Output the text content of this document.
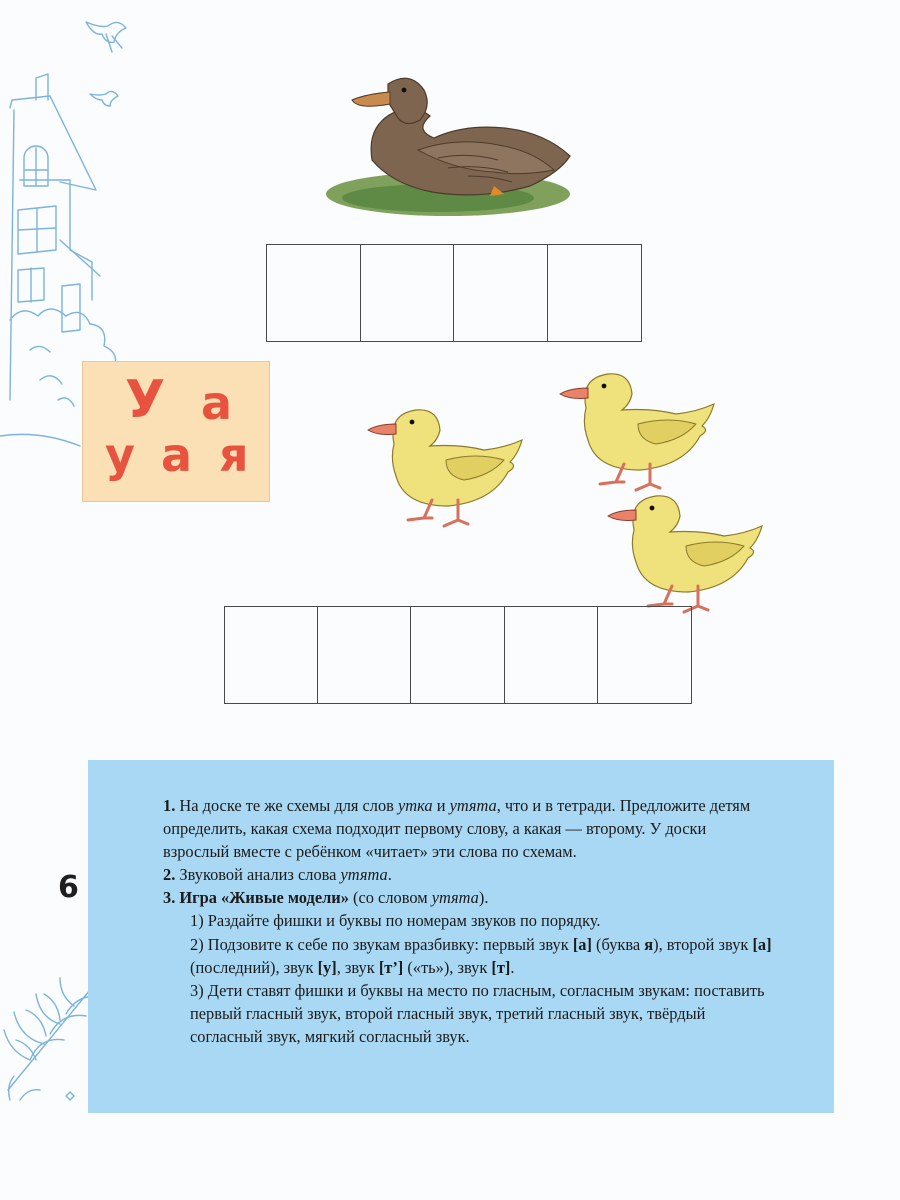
У а
у а я
6

1. На доске те же схемы для слов утка и утята, что и в тетради. Предложите детям определить, какая схема подходит первому слову, а какая — второму. У доски взрослый вместе с ребёнком «читает» эти слова по схемам.

2. Звуковой анализ слова утята.

3. Игра «Живые модели» (со словом утята).

1) Раздайте фишки и буквы по номерам звуков по порядку.

2) Подзовите к себе по звукам вразбивку: первый звук [а] (буква я), второй звук [а] (последний), звук [у], звук [т’] («ть»), звук [т].

3) Дети ставят фишки и буквы на место по гласным, согласным звукам: поставить первый гласный звук, второй гласный звук, третий гласный звук, твёрдый согласный звук, мягкий согласный звук.
